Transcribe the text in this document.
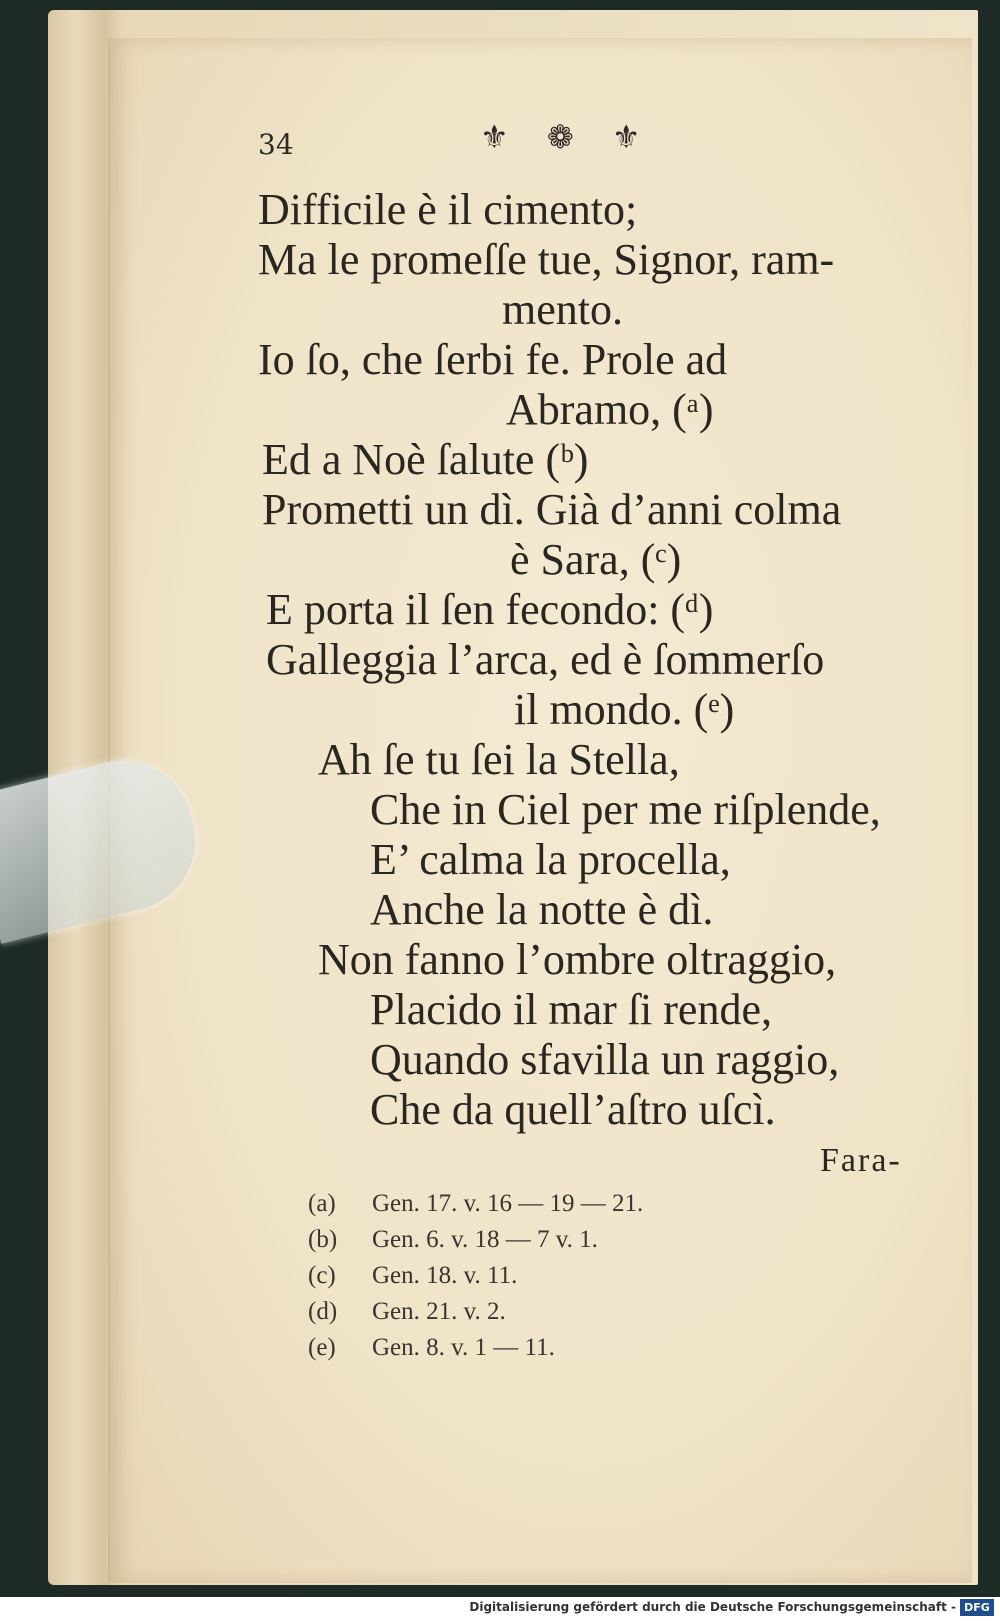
34	⚜ ❁ ⚜
Difficile è il cimento;
Ma le promeſſe tue, Signor, ram-
mento.
Io ſo, che ſerbi fe. Prole ad
Abramo, (ᵃ)
Ed a Noè ſalute (ᵇ)
Prometti un dì. Già d’anni colma
è Sara, (ᶜ)
E porta il ſen fecondo: (ᵈ)
Galleggia l’arca, ed è ſommerſo
il mondo. (ᵉ)
Ah ſe tu ſei la Stella,
Che in Ciel per me riſplende,
E’ calma la procella,
Anche la notte è dì.
Non fanno l’ombre oltraggio,
Placido il mar ſi rende,
Quando sfavilla un raggio,
Che da quell’aſtro uſcì.
Fara-
(a) Gen. 17. v. 16 — 19 — 21.
(b) Gen. 6. v. 18 — 7 v. 1.
(c) Gen. 18. v. 11.
(d) Gen. 21. v. 2.
(e) Gen. 8. v. 1 — 11.
Digitalisierung gefördert durch die Deutsche Forschungsgemeinschaft - DFG
